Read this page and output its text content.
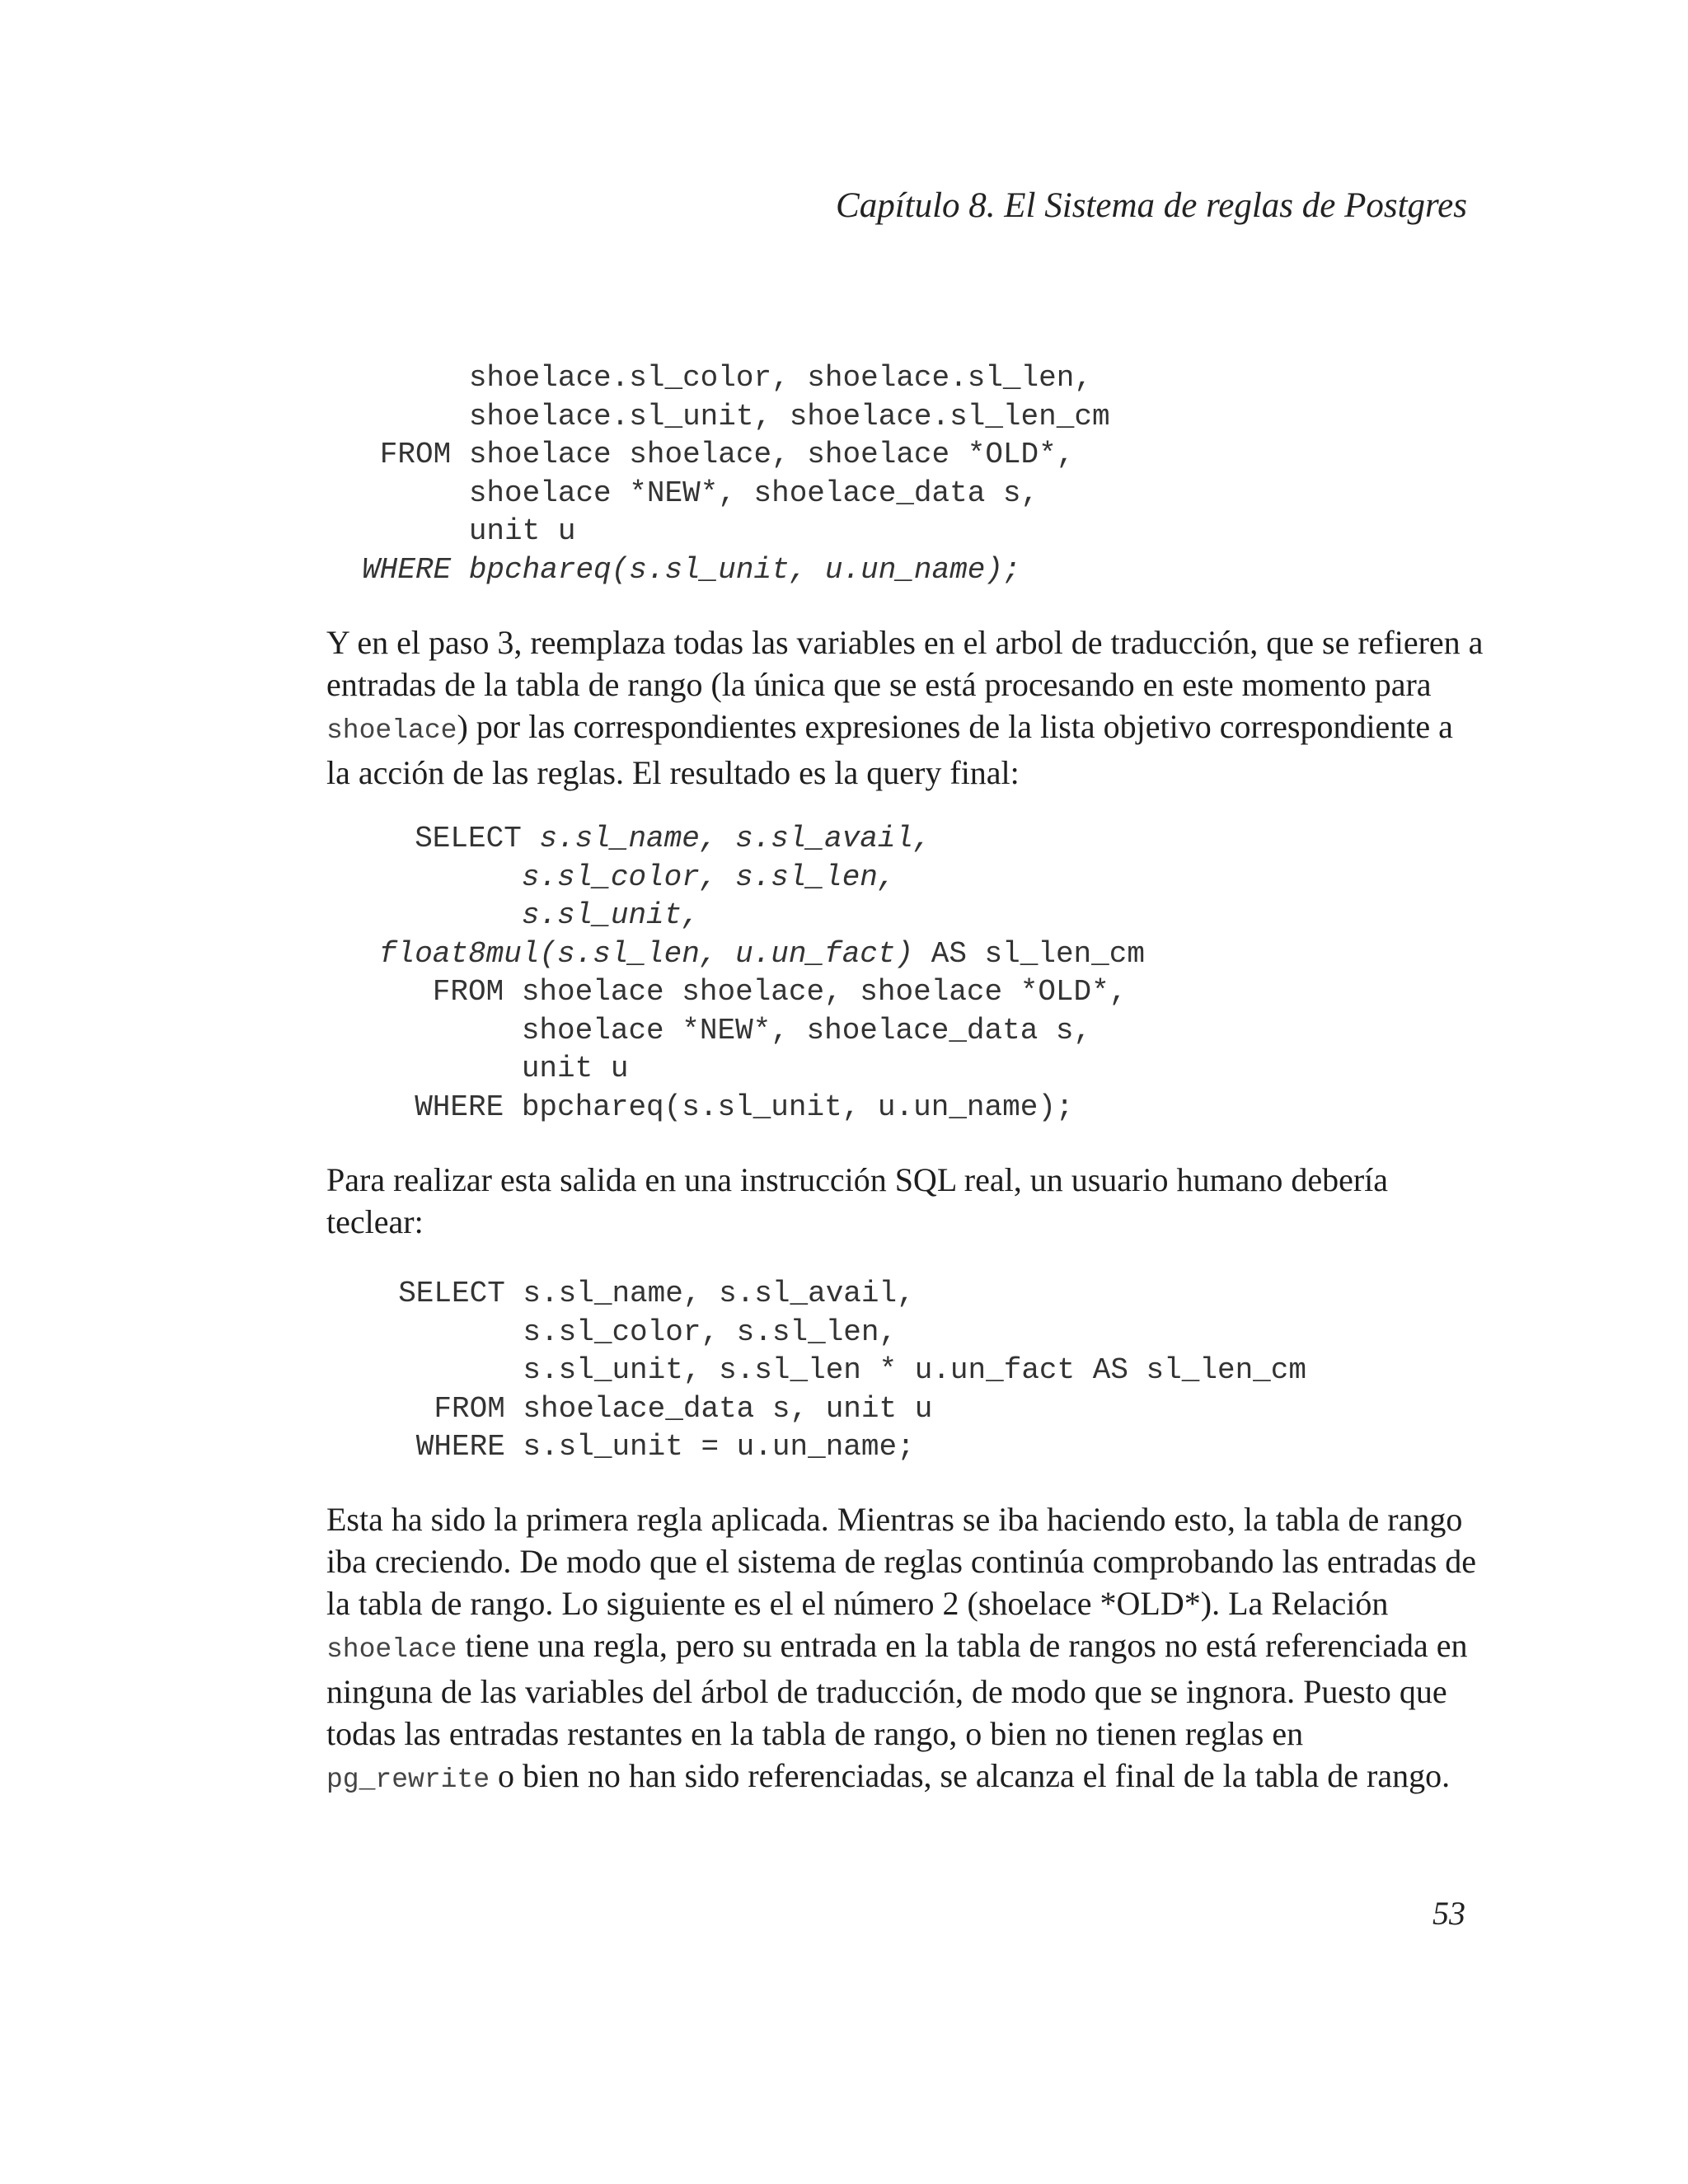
Capítulo 8. El Sistema de reglas de Postgres
shoelace.sl_color, shoelace.sl_len,
shoelace.sl_unit, shoelace.sl_len_cm
FROM shoelace shoelace, shoelace *OLD*,
shoelace *NEW*, shoelace_data s,
unit u
WHERE bpchareq(s.sl_unit, u.un_name);

Y en el paso 3, reemplaza todas las variables en el arbol de traducción, que se refieren a
entradas de la tabla de rango (la única que se está procesando en este momento para
shoelace) por las correspondientes expresiones de la lista objetivo correspondiente a
la acción de las reglas. El resultado es la query final:

SELECT s.sl_name, s.sl_avail,
s.sl_color, s.sl_len,
s.sl_unit,
float8mul(s.sl_len, u.un_fact) AS sl_len_cm
FROM shoelace shoelace, shoelace *OLD*,
shoelace *NEW*, shoelace_data s,
unit u
WHERE bpchareq(s.sl_unit, u.un_name);

Para realizar esta salida en una instrucción SQL real, un usuario humano debería
teclear:

SELECT s.sl_name, s.sl_avail,
s.sl_color, s.sl_len,
s.sl_unit, s.sl_len * u.un_fact AS sl_len_cm
FROM shoelace_data s, unit u
WHERE s.sl_unit = u.un_name;

Esta ha sido la primera regla aplicada. Mientras se iba haciendo esto, la tabla de rango
iba creciendo. De modo que el sistema de reglas continúa comprobando las entradas de
la tabla de rango. Lo siguiente es el el número 2 (shoelace *OLD*). La Relación
shoelace tiene una regla, pero su entrada en la tabla de rangos no está referenciada en
ninguna de las variables del árbol de traducción, de modo que se ingnora. Puesto que
todas las entradas restantes en la tabla de rango, o bien no tienen reglas en
pg_rewrite o bien no han sido referenciadas, se alcanza el final de la tabla de rango.

53
